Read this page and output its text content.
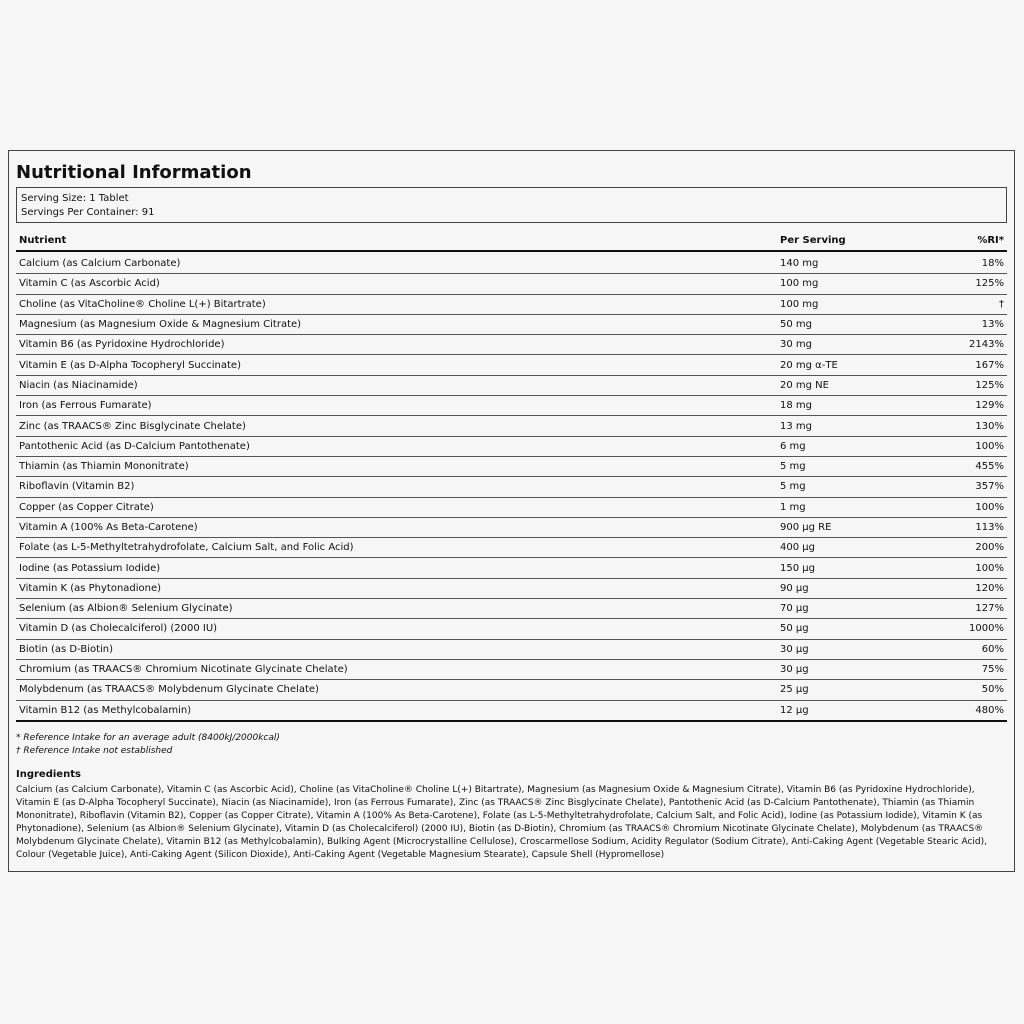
Nutritional Information
Serving Size: 1 Tablet
Servings Per Container: 91
Nutrient	Per Serving	%RI*
Calcium (as Calcium Carbonate)	140 mg	18%
Vitamin C (as Ascorbic Acid)	100 mg	125%
Choline (as VitaCholine® Choline L(+) Bitartrate)	100 mg	†
Magnesium (as Magnesium Oxide & Magnesium Citrate)	50 mg	13%
Vitamin B6 (as Pyridoxine Hydrochloride)	30 mg	2143%
Vitamin E (as D-Alpha Tocopheryl Succinate)	20 mg α-TE	167%
Niacin (as Niacinamide)	20 mg NE	125%
Iron (as Ferrous Fumarate)	18 mg	129%
Zinc (as TRAACS® Zinc Bisglycinate Chelate)	13 mg	130%
Pantothenic Acid (as D-Calcium Pantothenate)	6 mg	100%
Thiamin (as Thiamin Mononitrate)	5 mg	455%
Riboflavin (Vitamin B2)	5 mg	357%
Copper (as Copper Citrate)	1 mg	100%
Vitamin A (100% As Beta-Carotene)	900 µg RE	113%
Folate (as L-5-Methyltetrahydrofolate, Calcium Salt, and Folic Acid)	400 µg	200%
Iodine (as Potassium Iodide)	150 µg	100%
Vitamin K (as Phytonadione)	90 µg	120%
Selenium (as Albion® Selenium Glycinate)	70 µg	127%
Vitamin D (as Cholecalciferol) (2000 IU)	50 µg	1000%
Biotin (as D-Biotin)	30 µg	60%
Chromium (as TRAACS® Chromium Nicotinate Glycinate Chelate)	30 µg	75%
Molybdenum (as TRAACS® Molybdenum Glycinate Chelate)	25 µg	50%
Vitamin B12 (as Methylcobalamin)	12 µg	480%
* Reference Intake for an average adult (8400kJ/2000kcal)
† Reference Intake not established
Ingredients
Calcium (as Calcium Carbonate), Vitamin C (as Ascorbic Acid), Choline (as VitaCholine® Choline L(+) Bitartrate), Magnesium (as Magnesium Oxide & Magnesium Citrate), Vitamin B6 (as Pyridoxine Hydrochloride), Vitamin E (as D-Alpha Tocopheryl Succinate), Niacin (as Niacinamide), Iron (as Ferrous Fumarate), Zinc (as TRAACS® Zinc Bisglycinate Chelate), Pantothenic Acid (as D-Calcium Pantothenate), Thiamin (as Thiamin Mononitrate), Riboflavin (Vitamin B2), Copper (as Copper Citrate), Vitamin A (100% As Beta-Carotene), Folate (as L-5-Methyltetrahydrofolate, Calcium Salt, and Folic Acid), Iodine (as Potassium Iodide), Vitamin K (as Phytonadione), Selenium (as Albion® Selenium Glycinate), Vitamin D (as Cholecalciferol) (2000 IU), Biotin (as D-Biotin), Chromium (as TRAACS® Chromium Nicotinate Glycinate Chelate), Molybdenum (as TRAACS® Molybdenum Glycinate Chelate), Vitamin B12 (as Methylcobalamin), Bulking Agent (Microcrystalline Cellulose), Croscarmellose Sodium, Acidity Regulator (Sodium Citrate), Anti-Caking Agent (Vegetable Stearic Acid), Colour (Vegetable Juice), Anti-Caking Agent (Silicon Dioxide), Anti-Caking Agent (Vegetable Magnesium Stearate), Capsule Shell (Hypromellose)
